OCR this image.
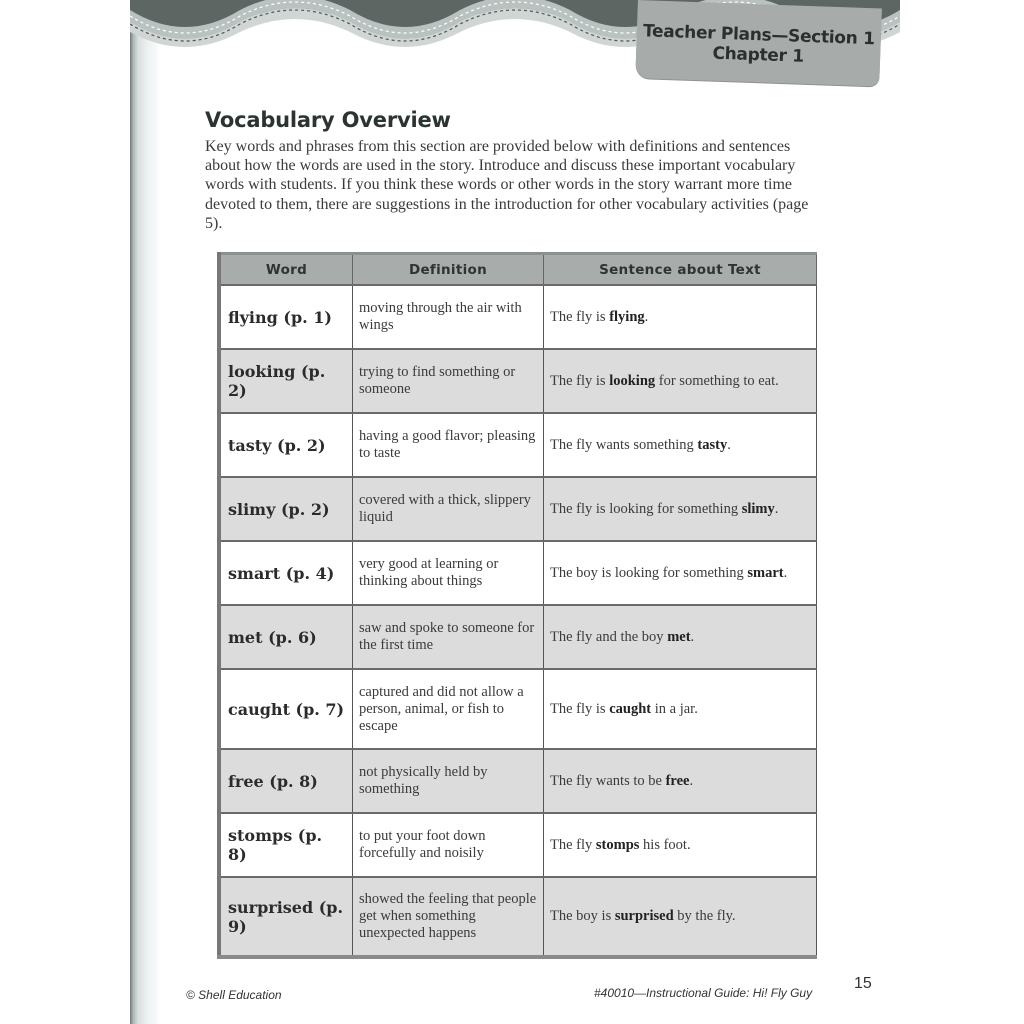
Teacher Plans—Section 1
Chapter 1
Vocabulary Overview
Key words and phrases from this section are provided below with definitions and sentences about how the words are used in the story. Introduce and discuss these important vocabulary words with students. If you think these words or other words in the story warrant more time devoted to them, there are suggestions in the introduction for other vocabulary activities (page 5).
Word	Definition	Sentence about Text
flying (p. 1)	moving through the air with wings	The fly is flying.
looking (p. 2)	trying to find something or someone	The fly is looking for something to eat.
tasty (p. 2)	having a good flavor; pleasing to taste	The fly wants something tasty.
slimy (p. 2)	covered with a thick, slippery liquid	The fly is looking for something slimy.
smart (p. 4)	very good at learning or thinking about things	The boy is looking for something smart.
met (p. 6)	saw and spoke to someone for the first time	The fly and the boy met.
caught (p. 7)	captured and did not allow a person, animal, or fish to escape	The fly is caught in a jar.
free (p. 8)	not physically held by something	The fly wants to be free.
stomps (p. 8)	to put your foot down forcefully and noisily	The fly stomps his foot.
surprised (p. 9)	showed the feeling that people get when something unexpected happens	The boy is surprised by the fly.
© Shell Education	#40010—Instructional Guide: Hi! Fly Guy
15
